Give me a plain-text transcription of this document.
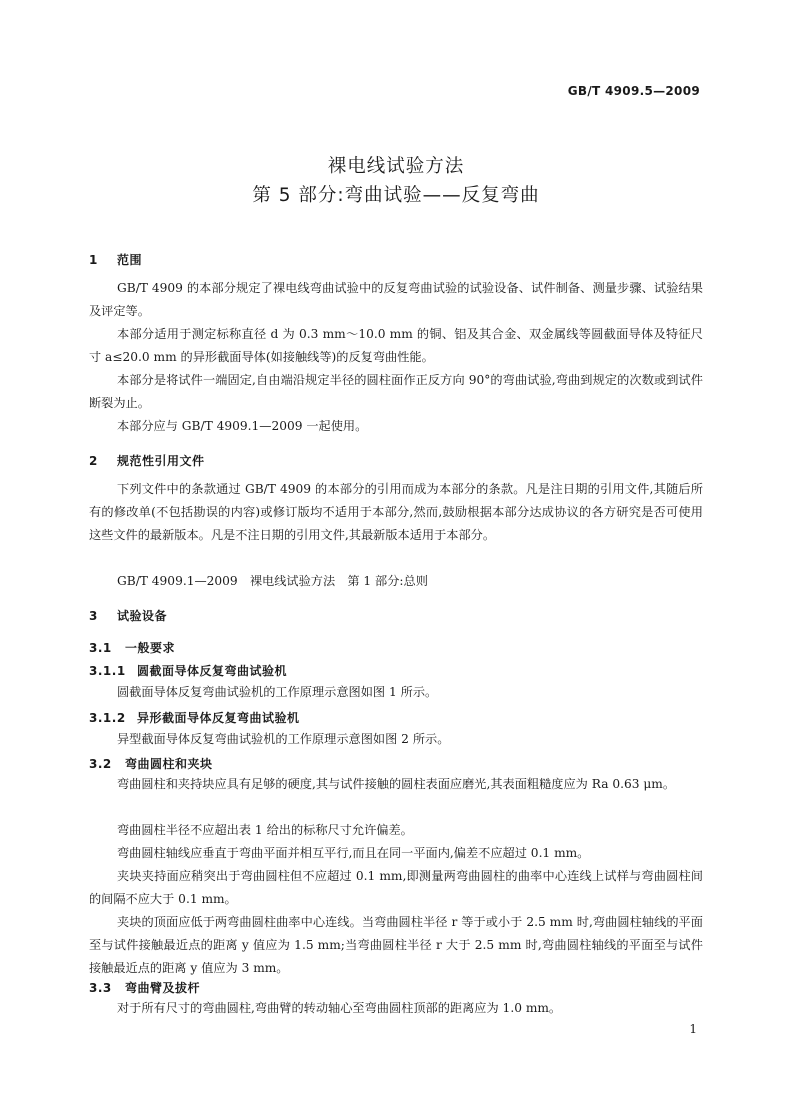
GB/T 4909.5—2009
裸电线试验方法
第 5 部分:弯曲试验——反复弯曲
1 范围
GB/T 4909 的本部分规定了裸电线弯曲试验中的反复弯曲试验的试验设备、试件制备、测量步骤、试验结果及评定等。
本部分适用于测定标称直径 d 为 0.3 mm～10.0 mm 的铜、铝及其合金、双金属线等圆截面导体及特征尺寸 a≤20.0 mm 的异形截面导体(如接触线等)的反复弯曲性能。
本部分是将试件一端固定,自由端沿规定半径的圆柱面作正反方向 90°的弯曲试验,弯曲到规定的次数或到试件断裂为止。
本部分应与 GB/T 4909.1—2009 一起使用。
2 规范性引用文件
下列文件中的条款通过 GB/T 4909 的本部分的引用而成为本部分的条款。凡是注日期的引用文件,其随后所有的修改单(不包括勘误的内容)或修订版均不适用于本部分,然而,鼓励根据本部分达成协议的各方研究是否可使用这些文件的最新版本。凡是不注日期的引用文件,其最新版本适用于本部分。
GB/T 4909.1—2009　裸电线试验方法　第 1 部分:总则
3 试验设备
3.1 一般要求
3.1.1 圆截面导体反复弯曲试验机
圆截面导体反复弯曲试验机的工作原理示意图如图 1 所示。
3.1.2 异形截面导体反复弯曲试验机
异型截面导体反复弯曲试验机的工作原理示意图如图 2 所示。
3.2 弯曲圆柱和夹块
弯曲圆柱和夹持块应具有足够的硬度,其与试件接触的圆柱表面应磨光,其表面粗糙度应为 Ra 0.63 μm。
弯曲圆柱半径不应超出表 1 给出的标称尺寸允许偏差。
弯曲圆柱轴线应垂直于弯曲平面并相互平行,而且在同一平面内,偏差不应超过 0.1 mm。
夹块夹持面应稍突出于弯曲圆柱但不应超过 0.1 mm,即测量两弯曲圆柱的曲率中心连线上试样与弯曲圆柱间的间隔不应大于 0.1 mm。
夹块的顶面应低于两弯曲圆柱曲率中心连线。当弯曲圆柱半径 r 等于或小于 2.5 mm 时,弯曲圆柱轴线的平面至与试件接触最近点的距离 y 值应为 1.5 mm;当弯曲圆柱半径 r 大于 2.5 mm 时,弯曲圆柱轴线的平面至与试件接触最近点的距离 y 值应为 3 mm。
3.3 弯曲臂及拔杆
对于所有尺寸的弯曲圆柱,弯曲臂的转动轴心至弯曲圆柱顶部的距离应为 1.0 mm。
1
